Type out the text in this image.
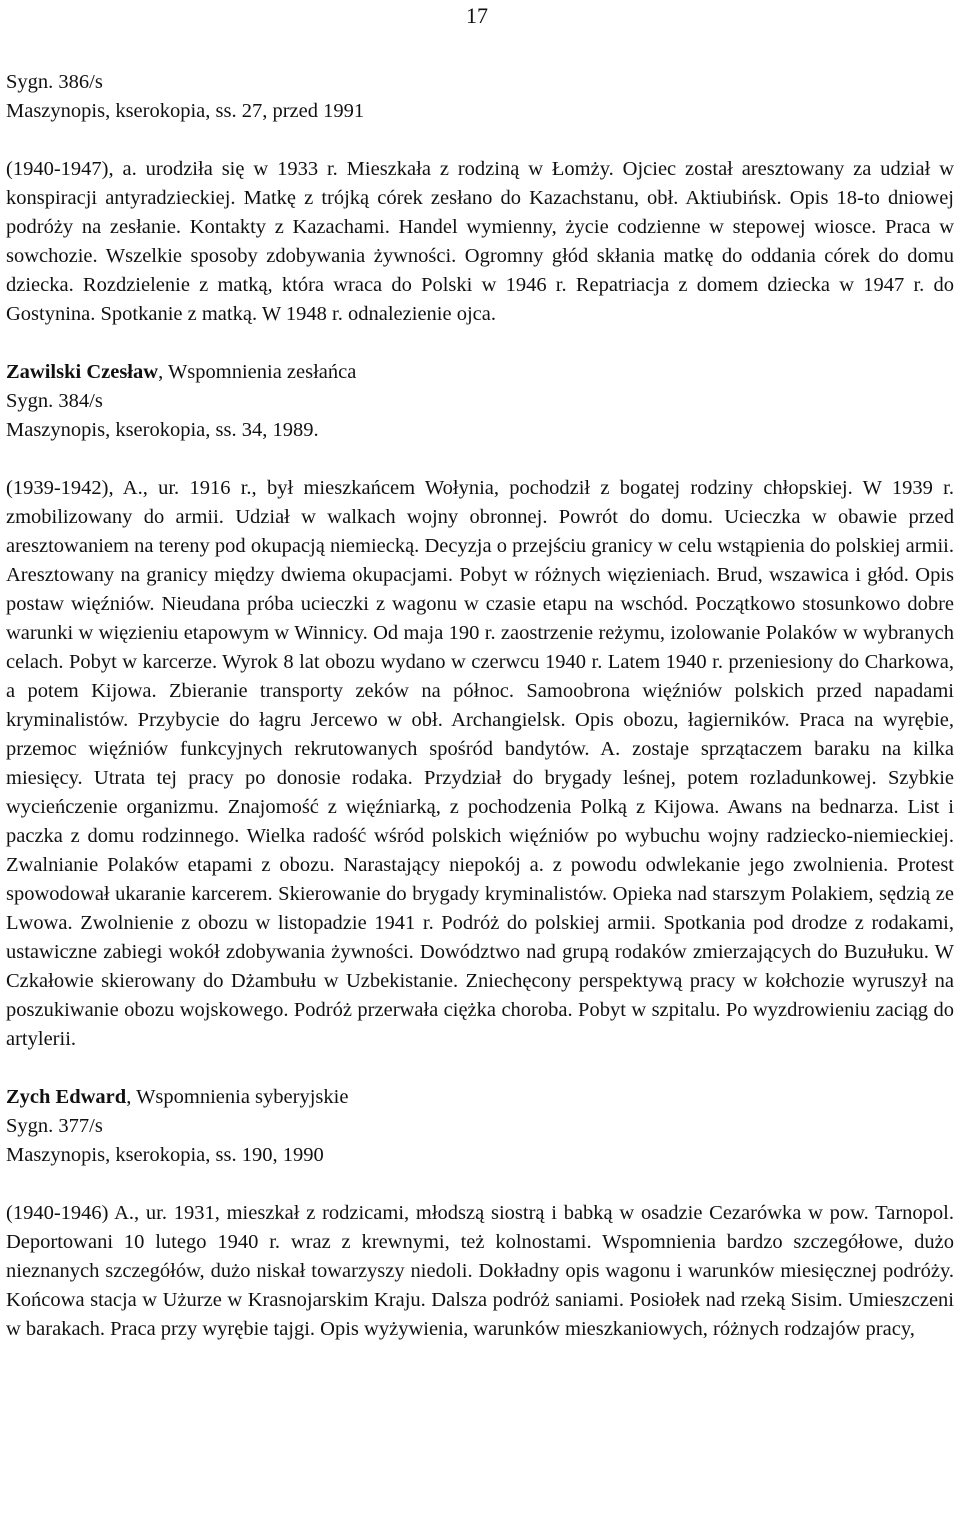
17
Sygn. 386/s
Maszynopis, kserokopia, ss. 27, przed 1991
(1940-1947), a. urodziła się w 1933 r. Mieszkała z rodziną w Łomży. Ojciec został aresztowany za udział w konspiracji antyradzieckiej. Matkę z trójką córek zesłano do Kazachstanu, obł. Aktiubińsk. Opis 18-to dniowej podróży na zesłanie. Kontakty z Kazachami. Handel wymienny, życie codzienne w stepowej wiosce. Praca w sowchozie. Wszelkie sposoby zdobywania żywności. Ogromny głód skłania matkę do oddania córek do domu dziecka. Rozdzielenie z matką, która wraca do Polski w 1946 r. Repatriacja z domem dziecka w 1947 r. do Gostynina. Spotkanie z matką. W 1948 r. odnalezienie ojca.
Zawilski Czesław, Wspomnienia zesłańca
Sygn. 384/s
Maszynopis, kserokopia, ss. 34, 1989.
(1939-1942), A., ur. 1916 r., był mieszkańcem Wołynia, pochodził z bogatej rodziny chłopskiej. W 1939 r. zmobilizowany do armii. Udział w walkach wojny obronnej. Powrót do domu. Ucieczka w obawie przed aresztowaniem na tereny pod okupacją niemiecką. Decyzja o przejściu granicy w celu wstąpienia do polskiej armii. Aresztowany na granicy między dwiema okupacjami. Pobyt w różnych więzieniach. Brud, wszawica i głód. Opis postaw więźniów. Nieudana próba ucieczki z wagonu w czasie etapu na wschód. Początkowo stosunkowo dobre warunki w więzieniu etapowym w Winnicy. Od maja 190 r. zaostrzenie reżymu, izolowanie Polaków w wybranych celach. Pobyt w karcerze. Wyrok 8 lat obozu wydano w czerwcu 1940 r. Latem 1940 r. przeniesiony do Charkowa, a potem Kijowa. Zbieranie transporty zeków na północ. Samoobrona więźniów polskich przed napadami kryminalistów. Przybycie do łagru Jercewo w obł. Archangielsk. Opis obozu, łagierników. Praca na wyrębie, przemoc więźniów funkcyjnych rekrutowanych spośród bandytów. A. zostaje sprzątaczem baraku na kilka miesięcy. Utrata tej pracy po donosie rodaka. Przydział do brygady leśnej, potem rozladunkowej. Szybkie wycieńczenie organizmu. Znajomość z więźniarką, z pochodzenia Polką z Kijowa. Awans na bednarza. List i paczka z domu rodzinnego. Wielka radość wśród polskich więźniów po wybuchu wojny radziecko-niemieckiej. Zwalnianie Polaków etapami z obozu. Narastający niepokój a. z powodu odwlekanie jego zwolnienia. Protest spowodował ukaranie karcerem. Skierowanie do brygady kryminalistów. Opieka nad starszym Polakiem, sędzią ze Lwowa. Zwolnienie z obozu w listopadzie 1941 r. Podróż do polskiej armii. Spotkania pod drodze z rodakami, ustawiczne zabiegi wokół zdobywania żywności. Dowództwo nad grupą rodaków zmierzających do Buzułuku. W Czkałowie skierowany do Dżambułu w Uzbekistanie. Zniechęcony perspektywą pracy w kołchozie wyruszył na poszukiwanie obozu wojskowego. Podróż przerwała ciężka choroba. Pobyt w szpitalu. Po wyzdrowieniu zaciąg do artylerii.
Zych Edward, Wspomnienia syberyjskie
Sygn. 377/s
Maszynopis, kserokopia, ss. 190, 1990
(1940-1946) A., ur. 1931, mieszkał z rodzicami, młodszą siostrą i babką w osadzie Cezarówka w pow. Tarnopol. Deportowani 10 lutego 1940 r. wraz z krewnymi, też kolnostami. Wspomnienia bardzo szczegółowe, dużo nieznanych szczegółów, dużo niskał towarzyszy niedoli. Dokładny opis wagonu i warunków miesięcznej podróży. Końcowa stacja w Użurze w Krasnojarskim Kraju. Dalsza podróż saniami. Posiołek nad rzeką Sisim. Umieszczeni w barakach. Praca przy wyrębie tajgi. Opis wyżywienia, warunków mieszkaniowych, różnych rodzajów pracy,
